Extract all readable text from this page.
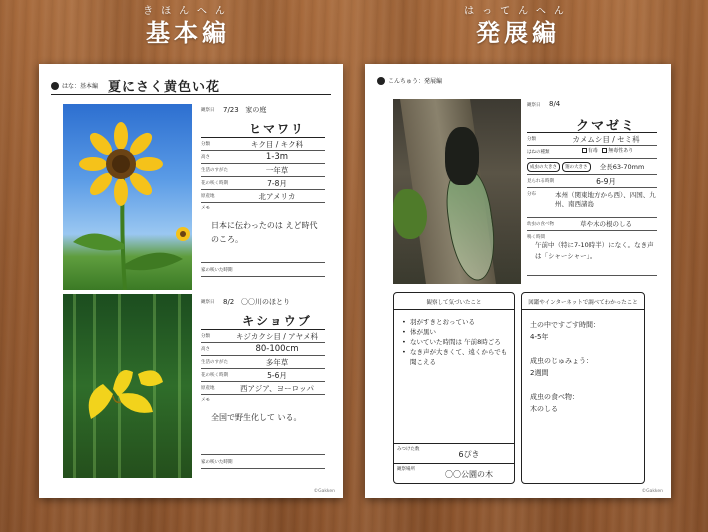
きほんへん
基本編
はってんへん
発展編
はな：基本編 夏にさく黄色い花
観察日 7/23 家の庭
ヒマワリ
分類	キク目 / キク科
高さ	1-3m
生活のすがた	一年草
花の咲く時期	7-8月
原産地	北アメリカ
メモ
日本に伝わったのは えど時代のころ。
家の咲いた時期
観察日 8/2 〇〇川のほとり
キショウブ
分類	キジカクシ目 / アヤメ科
高さ	80-100cm
生活のすがた	多年草
花の咲く時期	5-6月
原産地	西アジア、ヨーロッパ
メモ
全国で野生化して いる。
家の咲いた時期
©Gakken
こんちゅう：発展編
観察日 8/4
クマゼミ
分類	カメムシ目 / セミ科
はねの種類	有毒 無毒性あり
成虫の大きさ 翅の大きさ	全長63-70mm
見られる時期	6-9月
分布	本州（関東地方から西）、四国、九州、南西諸島
幼虫の食べ物	草や木の根のしる
鳴く時間
午前中（特に7-10時半）になく。なき声は「シャーシャー」。
観察して気づいたこと
• 羽がすきとおっている
• 体が黒い
• ないていた時間は 午前8時ごろ
• なき声が大きくて、遠くからでも聞こえる
みつけた数
6ぴき
観察場所
〇〇公園の木
図鑑やインターネットで調べてわかったこと
土の中ですごす時間：
4-5年

成虫のじゅみょう：
2週間

成虫の食べ物：
木のしる
©Gakken
